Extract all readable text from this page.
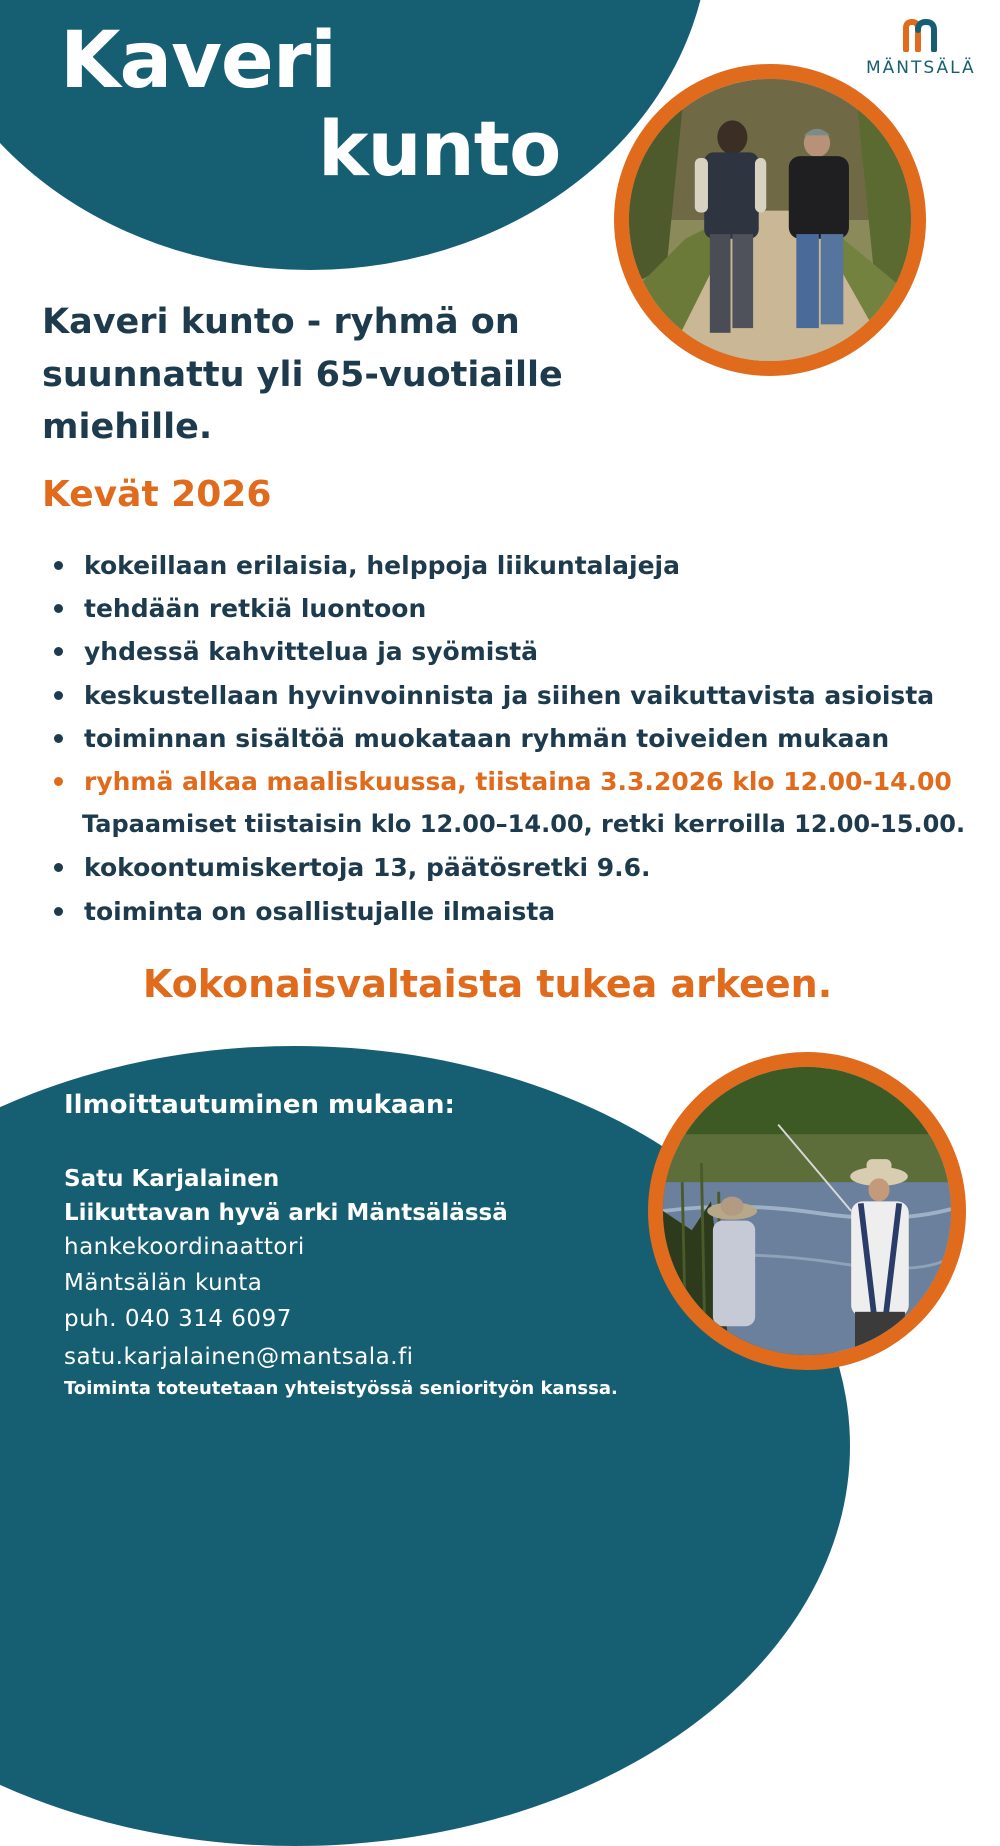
Kaveri
kunto
MÄNTSÄLÄ

Kaveri kunto - ryhmä on suunnattu yli 65-vuotiaille miehille.

Kevät 2026
kokeillaan erilaisia, helppoja liikuntalajeja
tehdään retkiä luontoon
yhdessä kahvittelua ja syömistä
keskustellaan hyvinvoinnista ja siihen vaikuttavista asioista
toiminnan sisältöä muokataan ryhmän toiveiden mukaan
ryhmä alkaa maaliskuussa, tiistaina 3.3.2026 klo 12.00-14.00
Tapaamiset tiistaisin klo 12.00–14.00, retki kerroilla 12.00-15.00.
kokoontumiskertoja 13, päätösretki 9.6.
toiminta on osallistujalle ilmaista

Kokonaisvaltaista tukea arkeen.

Ilmoittautuminen mukaan:

Satu Karjalainen

Liikuttavan hyvä arki Mäntsälässä

hankekoordinaattori

Mäntsälän kunta

puh. 040 314 6097

satu.karjalainen@mantsala.fi

Toiminta toteutetaan yhteistyössä seniorityön kanssa.
